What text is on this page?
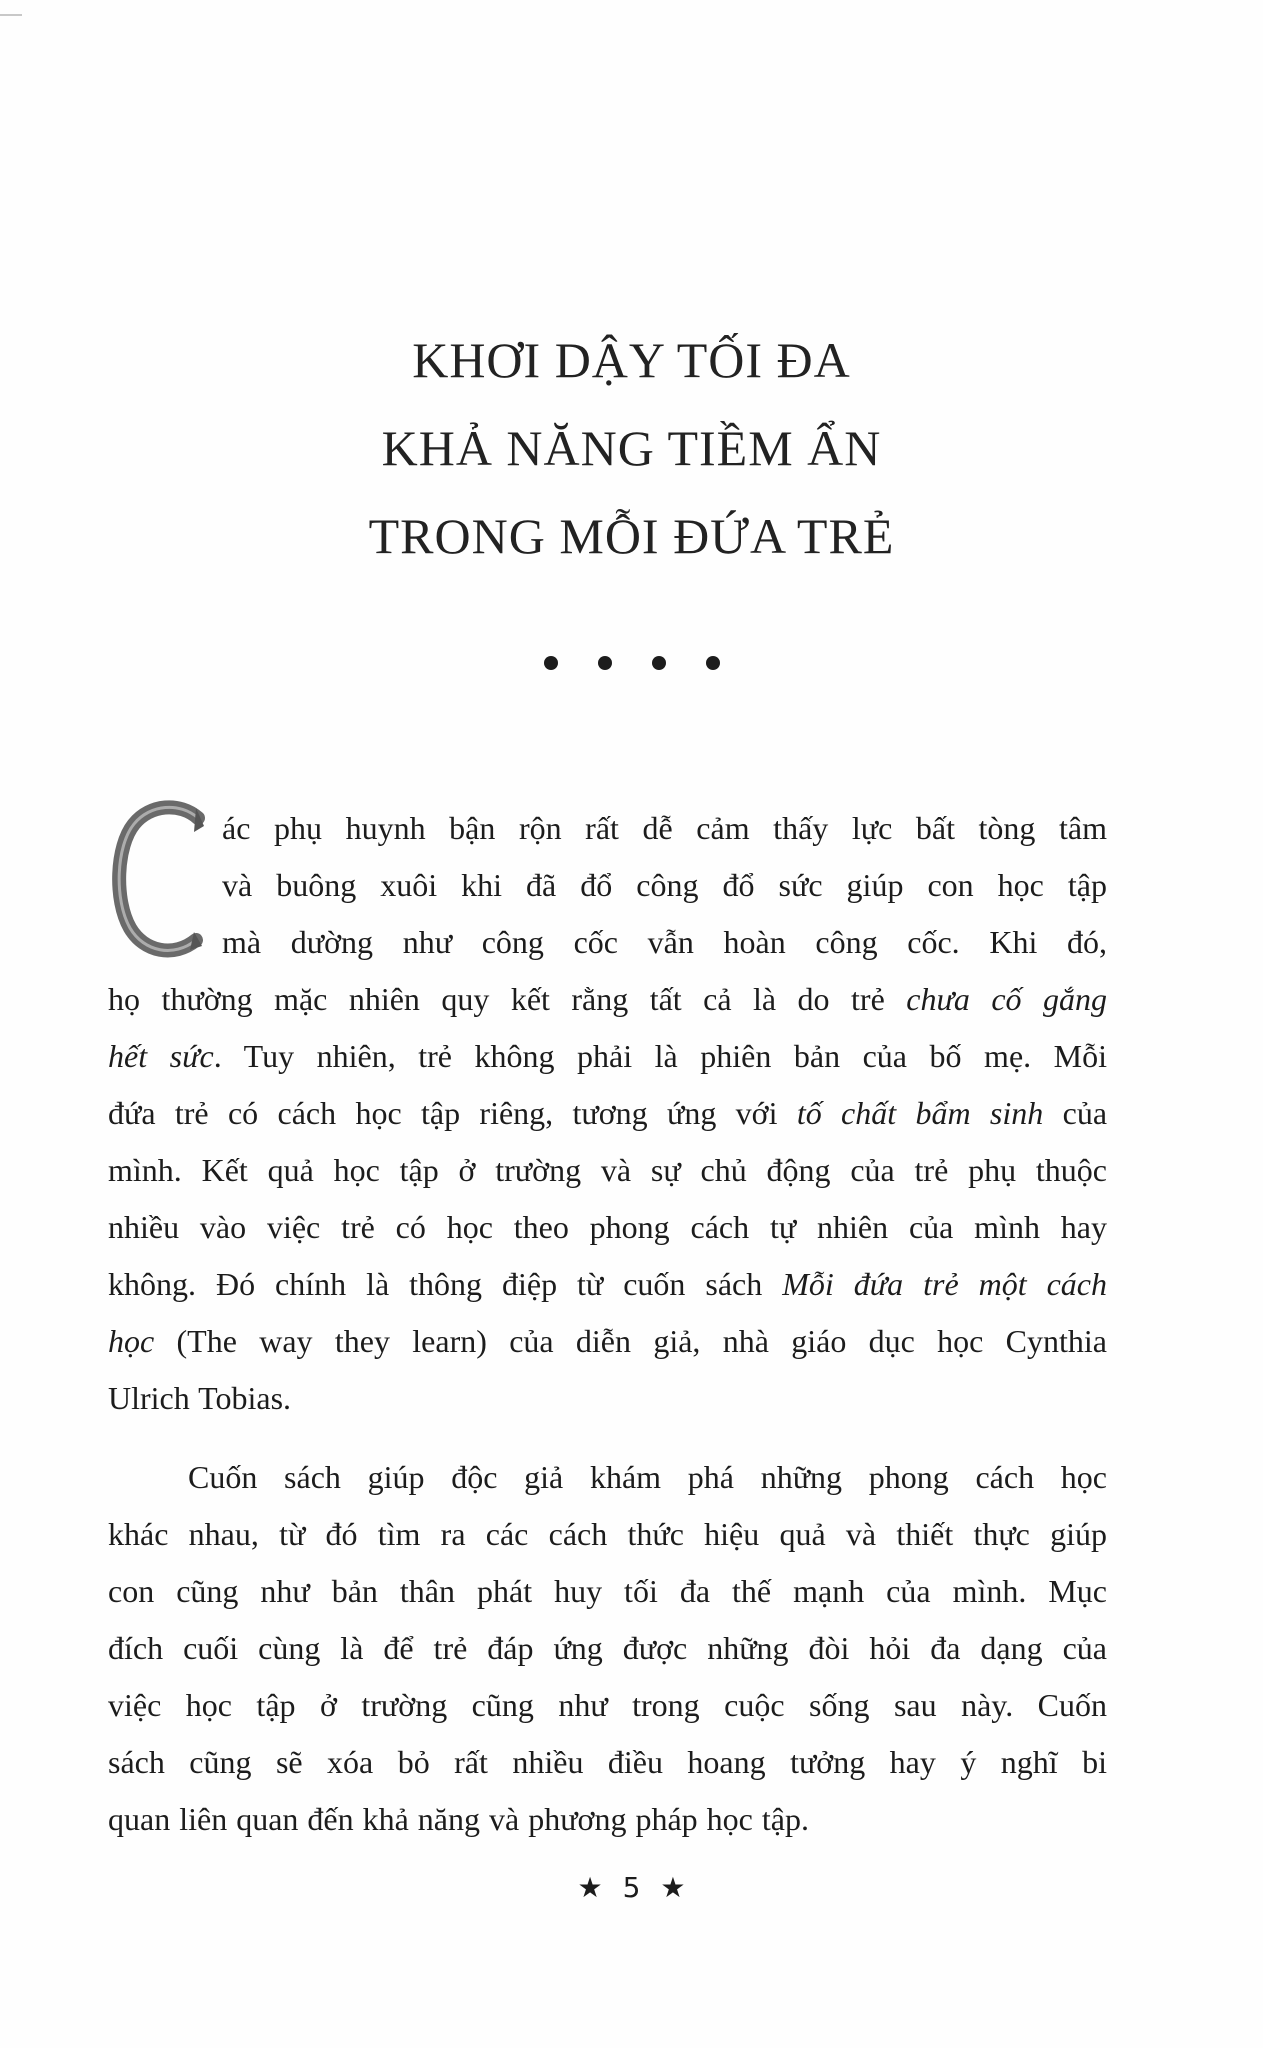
KHƠI DẬY TỐI ĐA
KHẢ NĂNG TIỀM ẨN
TRONG MỖI ĐỨA TRẺ
ác phụ huynh bận rộn rất dễ cảm thấy lực bất tòng tâm
và buông xuôi khi đã đổ công đổ sức giúp con học tập
mà dường như công cốc vẫn hoàn công cốc. Khi đó,
họ thường mặc nhiên quy kết rằng tất cả là do trẻ chưa cố gắng
hết sức. Tuy nhiên, trẻ không phải là phiên bản của bố mẹ. Mỗi
đứa trẻ có cách học tập riêng, tương ứng với tố chất bẩm sinh của
mình. Kết quả học tập ở trường và sự chủ động của trẻ phụ thuộc
nhiều vào việc trẻ có học theo phong cách tự nhiên của mình hay
không. Đó chính là thông điệp từ cuốn sách Mỗi đứa trẻ một cách
học (The way they learn) của diễn giả, nhà giáo dục học Cynthia
Ulrich Tobias.
Cuốn sách giúp độc giả khám phá những phong cách học
khác nhau, từ đó tìm ra các cách thức hiệu quả và thiết thực giúp
con cũng như bản thân phát huy tối đa thế mạnh của mình. Mục
đích cuối cùng là để trẻ đáp ứng được những đòi hỏi đa dạng của
việc học tập ở trường cũng như trong cuộc sống sau này. Cuốn
sách cũng sẽ xóa bỏ rất nhiều điều hoang tưởng hay ý nghĩ bi
quan liên quan đến khả năng và phương pháp học tập.
★ 5 ★
